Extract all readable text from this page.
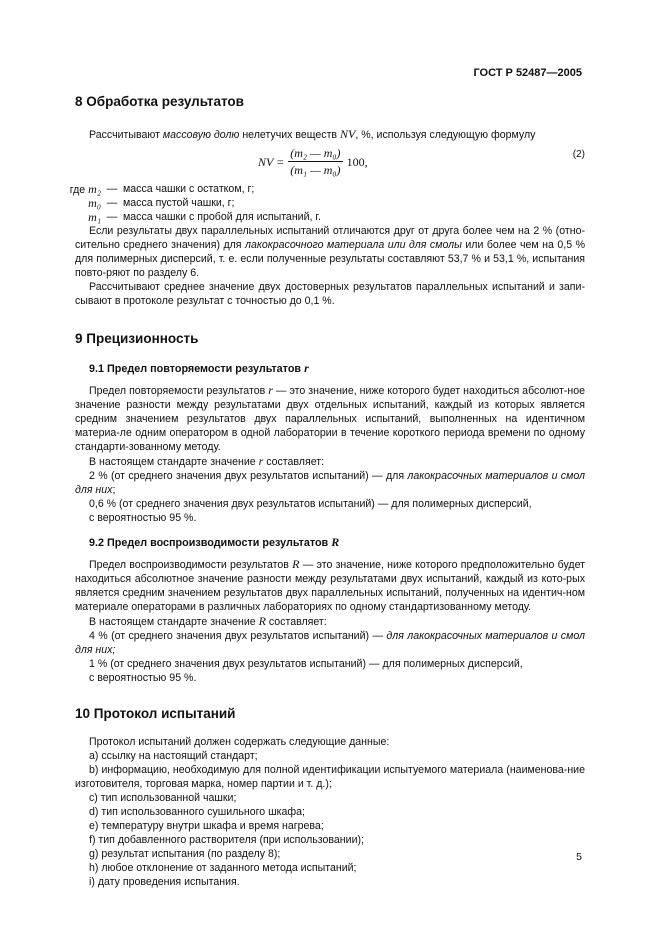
ГОСТ Р 52487—2005
8 Обработка результатов

Рассчитывают массовую долю нелетучих веществ NV, %, используя следующую формулу

NV = $\frac{\text{(m₂ — m₀)}}{\text{(m₁ — m₀)}} 100$,	(2)
где m₂ — масса чашки с остатком, г;
m₀ — масса пустой чашки, г;
m₁ — масса чашки с пробой для испытаний, г.

Если результаты двух параллельных испытаний отличаются друг от друга более чем на 2 % (отно-сительно среднего значения) для лакокрасочного материала или для смолы или более чем на 0,5 % для полимерных дисперсий, т. е. если полученные результаты составляют 53,7 % и 53,1 %, испытания повто-ряют по разделу 6.

Рассчитывают среднее значение двух достоверных результатов параллельных испытаний и запи-сывают в протоколе результат с точностью до 0,1 %.

9 Прецизионность
9.1 Предел повторяемости результатов r

Предел повторяемости результатов r — это значение, ниже которого будет находиться абсолют-ное значение разности между результатами двух отдельных испытаний, каждый из которых является средним значением результатов двух параллельных испытаний, выполненных на идентичном материа-ле одним оператором в одной лаборатории в течение короткого периода времени по одному стандарти-зованному методу.

В настоящем стандарте значение r составляет:

2 % (от среднего значения двух результатов испытаний) — для лакокрасочных материалов и смол для них;

0,6 % (от среднего значения двух результатов испытаний) — для полимерных дисперсий,

с вероятностью 95 %.

9.2 Предел воспроизводимости результатов R

Предел воспроизводимости результатов R — это значение, ниже которого предположительно будет находиться абсолютное значение разности между результатами двух испытаний, каждый из кото-рых является средним значением результатов двух параллельных испытаний, полученных на идентич-ном материале операторами в различных лабораториях по одному стандартизованному методу.

В настоящем стандарте значение R составляет:

4 % (от среднего значения двух результатов испытаний) — для лакокрасочных материалов и смол для них;

1 % (от среднего значения двух результатов испытаний) — для полимерных дисперсий,

с вероятностью 95 %.

10 Протокол испытаний

Протокол испытаний должен содержать следующие данные:

a) ссылку на настоящий стандарт;

b) информацию, необходимую для полной идентификации испытуемого материала (наименова-ние изготовителя, торговая марка, номер партии и т. д.);

c) тип использованной чашки;

d) тип использованного сушильного шкафа;

e) температуру внутри шкафа и время нагрева;

f) тип добавленного растворителя (при использовании);

g) результат испытания (по разделу 8);

h) любое отклонение от заданного метода испытаний;

i) дату проведения испытания.

5
